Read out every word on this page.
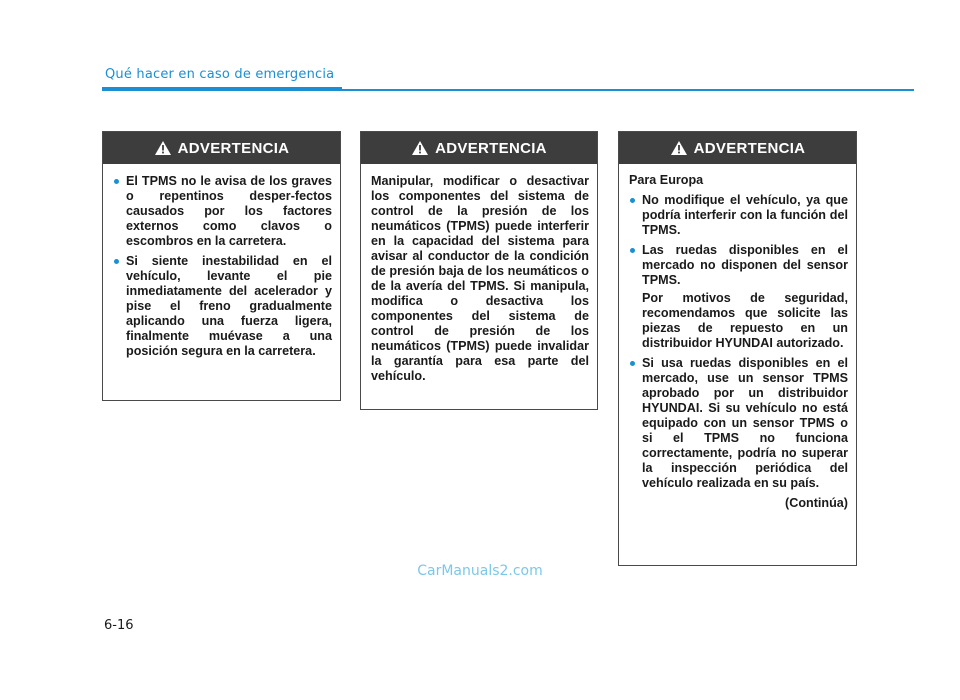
Qué hacer en caso de emergencia
ADVERTENCIA
El TPMS no le avisa de los graves o repentinos desper-fectos causados por los factores externos como clavos o escombros en la carretera.
Si siente inestabilidad en el vehículo, levante el pie inmediatamente del acelerador y pise el freno gradualmente aplicando una fuerza ligera, finalmente muévase a una posición segura en la carretera.
ADVERTENCIA

Manipular, modificar o desactivar los componentes del sistema de control de la presión de los neumáticos (TPMS) puede interferir en la capacidad del sistema para avisar al conductor de la condición de presión baja de los neumáticos o de la avería del TPMS. Si manipula, modifica o desactiva los componentes del sistema de control de presión de los neumáticos (TPMS) puede invalidar la garantía para esa parte del vehículo.

ADVERTENCIA
Para Europa
No modifique el vehículo, ya que podría interferir con la función del TPMS.
Las ruedas disponibles en el mercado no disponen del sensor TPMS.
Por motivos de seguridad, recomendamos que solicite las piezas de repuesto en un distribuidor HYUNDAI autorizado.
Si usa ruedas disponibles en el mercado, use un sensor TPMS aprobado por un distribuidor HYUNDAI. Si su vehículo no está equipado con un sensor TPMS o si el TPMS no funciona correctamente, podría no superar la inspección periódica del vehículo realizada en su país.
(Continúa)
CarManuals2.com
6-16
